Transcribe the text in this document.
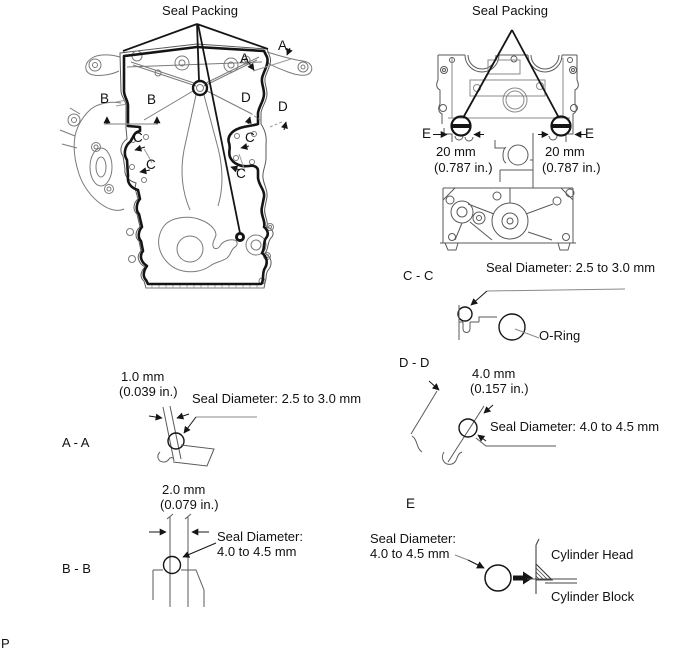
Seal Packing	Seal Packing
A
A
B	B
C
C
C
C
D
D
E	E
20 mm
(0.787 in.)
20 mm
(0.787 in.)
C - C
Seal Diameter: 2.5 to 3.0 mm
O-Ring
D - D
4.0 mm
(0.157 in.)
Seal Diameter: 4.0 to 4.5 mm
1.0 mm
(0.039 in.) Seal Diameter: 2.5 to 3.0 mm
A - A
2.0 mm
(0.079 in.)
Seal Diameter:
4.0 to 4.5 mm
B - B
E
Seal Diameter:
4.0 to 4.5 mm	Cylinder Head
Cylinder Block
P
